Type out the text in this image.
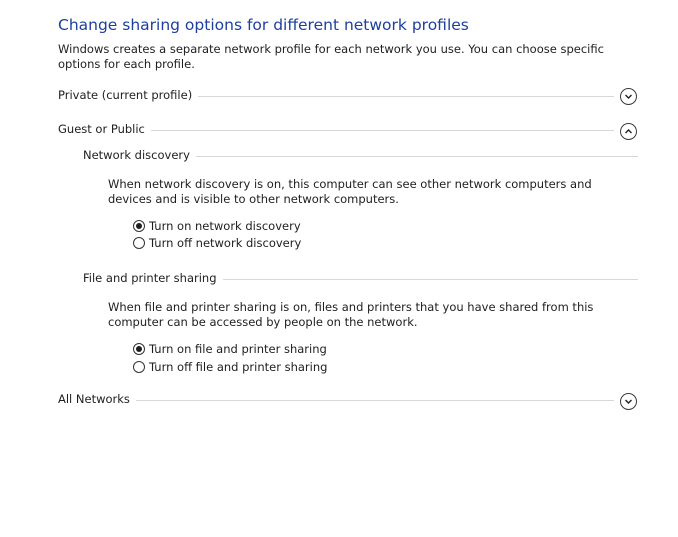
Change sharing options for different network profiles
Windows creates a separate network profile for each network you use. You can choose specific options for each profile.
Private (current profile)
Guest or Public
Network discovery
When network discovery is on, this computer can see other network computers and devices and is visible to other network computers.
Turn on network discovery
Turn off network discovery
File and printer sharing
When file and printer sharing is on, files and printers that you have shared from this computer can be accessed by people on the network.
Turn on file and printer sharing
Turn off file and printer sharing
All Networks
